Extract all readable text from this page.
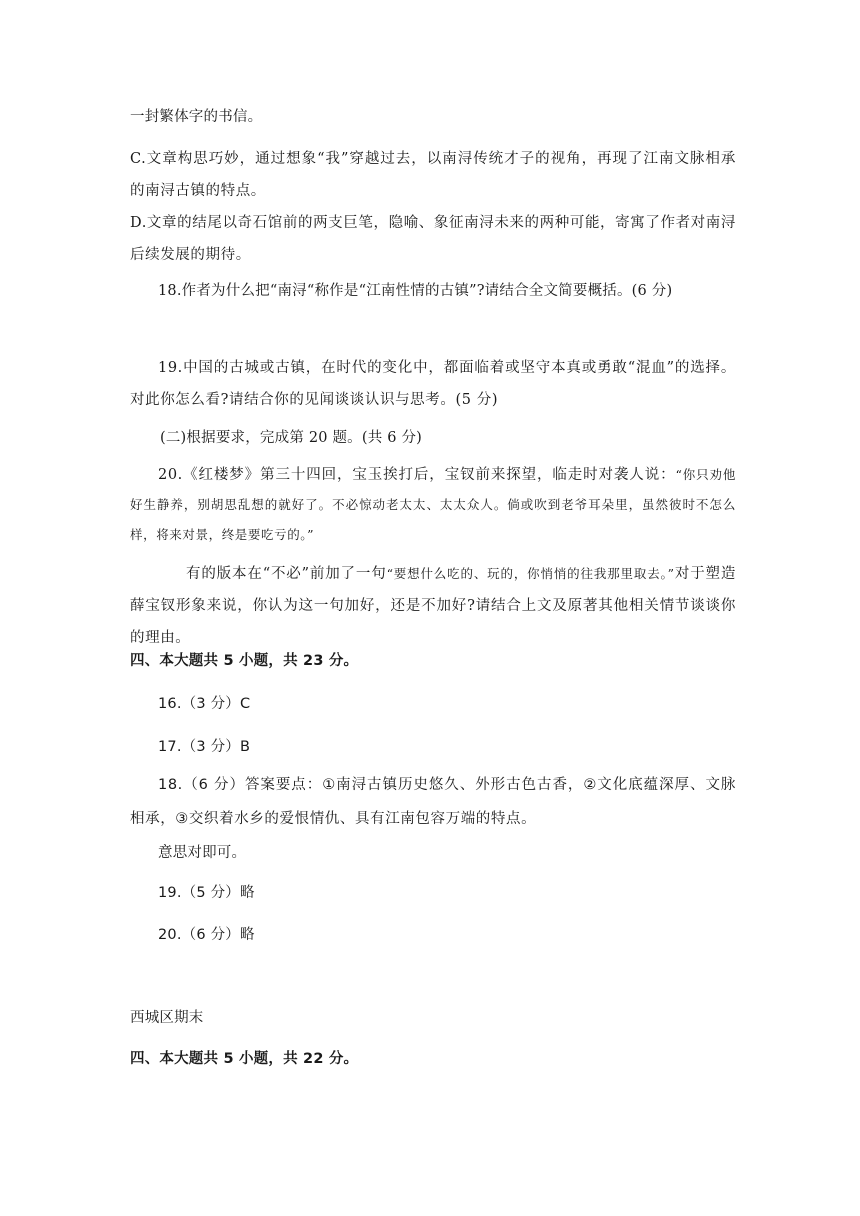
一封繁体字的书信。
C.文章构思巧妙，通过想象“我”穿越过去，以南浔传统才子的视角，再现了江南文脉相承的南浔古镇的特点。
D.文章的结尾以奇石馆前的两支巨笔，隐喻、象征南浔未来的两种可能，寄寓了作者对南浔后续发展的期待。
18.作者为什么把“南浔“称作是“江南性情的古镇”?请结合全文简要概括。(6 分)
19.中国的古城或古镇，在时代的变化中，都面临着或坚守本真或勇敢“混血”的选择。对此你怎么看?请结合你的见闻谈谈认识与思考。(5 分)
(二)根据要求，完成第 20 题。(共 6 分)
20.《红楼梦》第三十四回，宝玉挨打后，宝钗前来探望，临走时对袭人说：“你只劝他好生静养，别胡思乱想的就好了。不必惊动老太太、太太众人。倘或吹到老爷耳朵里，虽然彼时不怎么样，将来对景，终是要吃亏的。”
有的版本在“不必”前加了一句“要想什么吃的、玩的，你悄悄的往我那里取去。”对于塑造薛宝钗形象来说，你认为这一句加好，还是不加好?请结合上文及原著其他相关情节谈谈你的理由。
四、本大题共 5 小题，共 23 分。
16.（3 分）C
17.（3 分）B
18.（6 分）答案要点：①南浔古镇历史悠久、外形古色古香，②文化底蕴深厚、文脉相承，③交织着水乡的爱恨情仇、具有江南包容万端的特点。
意思对即可。
19.（5 分）略
20.（6 分）略
西城区期末
四、本大题共 5 小题，共 22 分。
